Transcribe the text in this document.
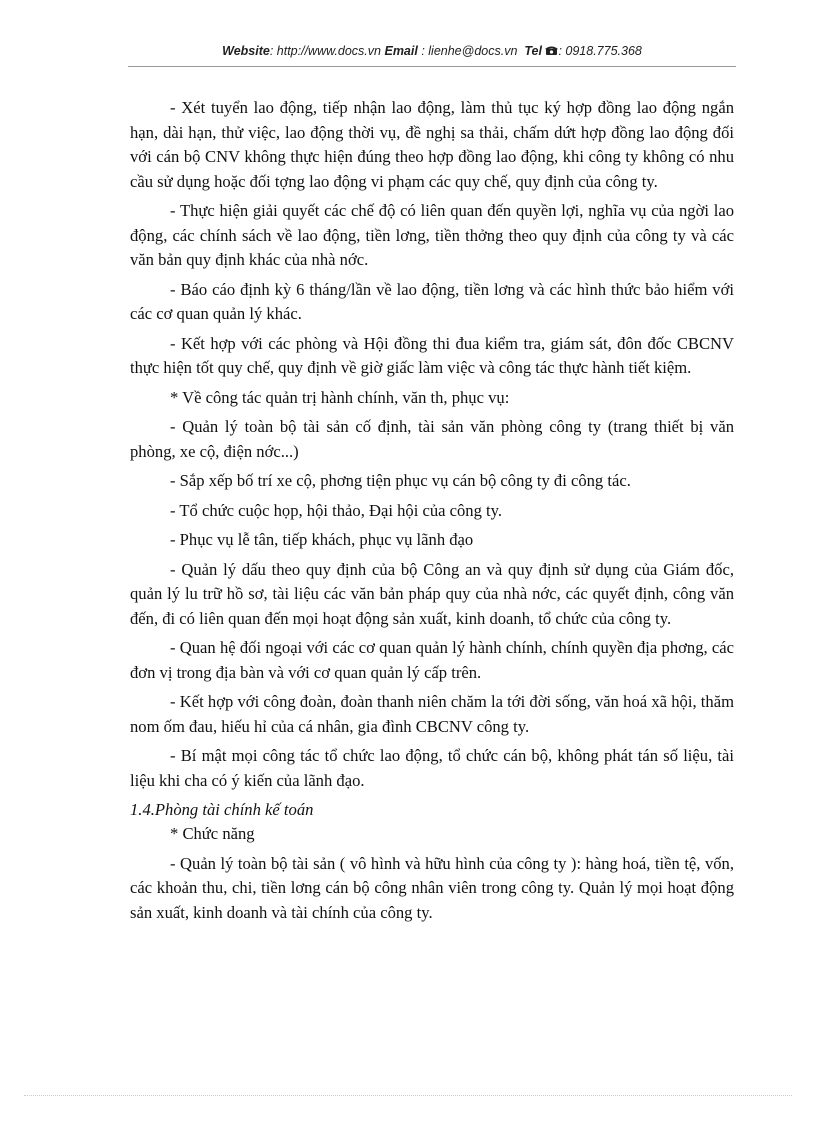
Website: http://www.docs.vn Email : lienhe@docs.vn Tel : 0918.775.368

- Xét tuyển lao động, tiếp nhận lao động, làm thủ tục ký hợp đồng lao động ngắn hạn, dài hạn, thử việc, lao động thời vụ, đề nghị sa thải, chấm dứt hợp đồng lao động đối với cán bộ CNV không thực hiện đúng theo hợp đồng lao động, khi công ty không có nhu cầu sử dụng hoặc đối tợng lao động vi phạm các quy chế, quy định của công ty.

- Thực hiện giải quyết các chế độ có liên quan đến quyền lợi, nghĩa vụ của ngời lao động, các chính sách về lao động, tiền lơng, tiền thởng theo quy định của công ty và các văn bản quy định khác của nhà nớc.

- Báo cáo định kỳ 6 tháng/lần về lao động, tiền lơng và các hình thức bảo hiểm với các cơ quan quản lý khác.

- Kết hợp với các phòng và Hội đồng thi đua kiểm tra, giám sát, đôn đốc CBCNV thực hiện tốt quy chế, quy định về giờ giấc làm việc và công tác thực hành tiết kiệm.

* Về công tác quản trị hành chính, văn th, phục vụ:

- Quản lý toàn bộ tài sản cố định, tài sản văn phòng công ty (trang thiết bị văn phòng, xe cộ, điện nớc...)

- Sắp xếp bố trí xe cộ, phơng tiện phục vụ cán bộ công ty đi công tác.

- Tổ chức cuộc họp, hội thảo, Đại hội của công ty.

- Phục vụ lễ tân, tiếp khách, phục vụ lãnh đạo

- Quản lý dấu theo quy định của bộ Công an và quy định sử dụng của Giám đốc, quản lý lu trữ hồ sơ, tài liệu các văn bản pháp quy của nhà nớc, các quyết định, công văn đến, đi có liên quan đến mọi hoạt động sản xuất, kinh doanh, tổ chức của công ty.

- Quan hệ đối ngoại với các cơ quan quản lý hành chính, chính quyền địa phơng, các đơn vị trong địa bàn và với cơ quan quản lý cấp trên.

- Kết hợp với công đoàn, đoàn thanh niên chăm la tới đời sống, văn hoá xã hội, thăm nom ốm đau, hiếu hỉ của cá nhân, gia đình CBCNV công ty.

- Bí mật mọi công tác tổ chức lao động, tổ chức cán bộ, không phát tán số liệu, tài liệu khi cha có ý kiến của lãnh đạo.

1.4.Phòng tài chính kế toán

* Chức năng

- Quản lý toàn bộ tài sản ( vô hình và hữu hình của công ty ): hàng hoá, tiền tệ, vốn, các khoản thu, chi, tiền lơng cán bộ công nhân viên trong công ty. Quản lý mọi hoạt động sản xuất, kinh doanh và tài chính của công ty.
